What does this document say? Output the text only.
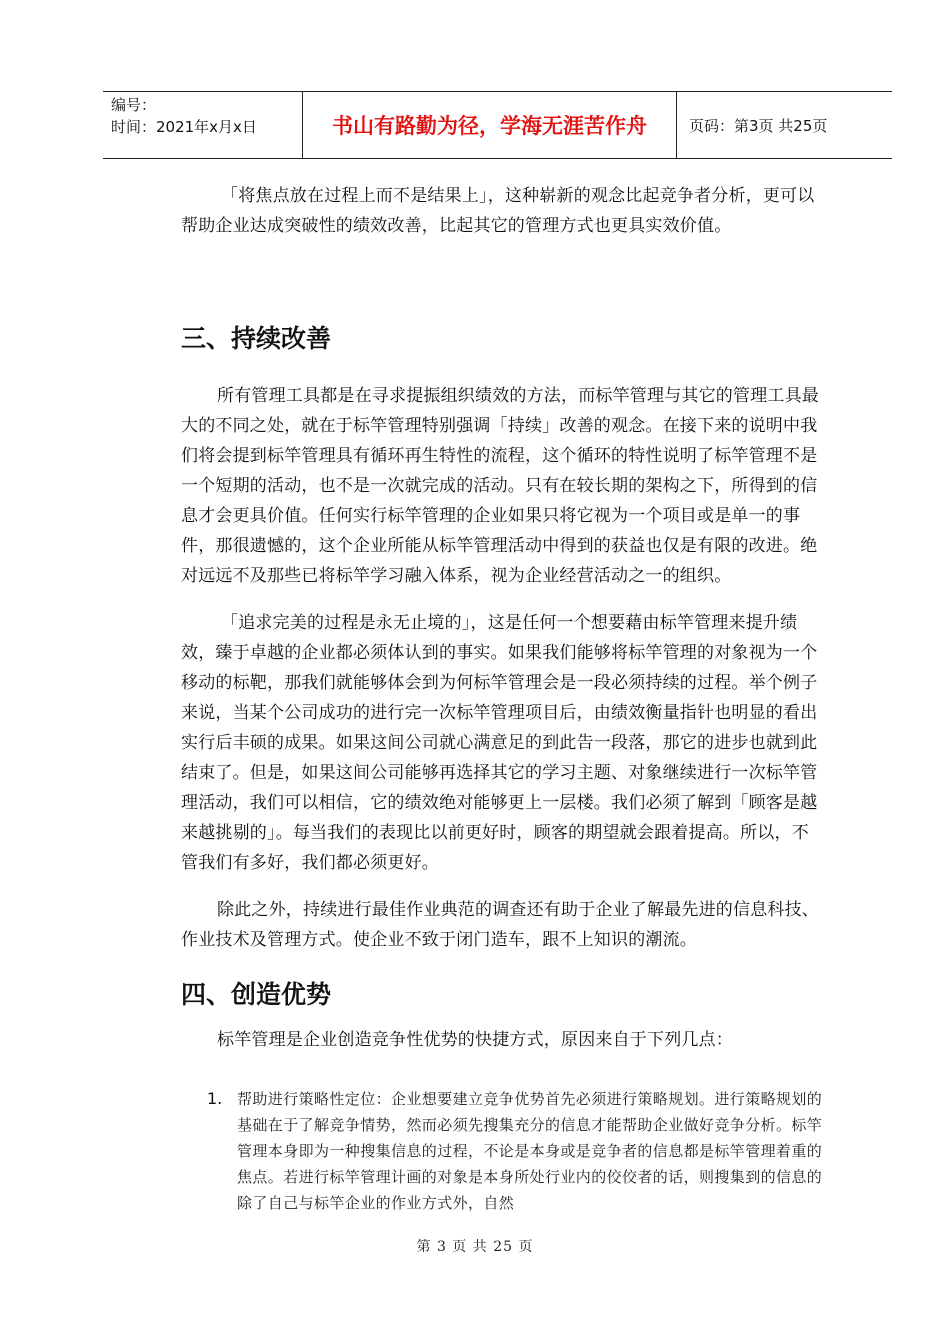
编号：
时间：2021年x月x日	书山有路勤为径，学海无涯苦作舟	页码：第3页 共25页

「将焦点放在过程上而不是结果上」，这种崭新的观念比起竞争者分析，更可以帮助企业达成突破性的绩效改善，比起其它的管理方式也更具实效价值。

三、持续改善

所有管理工具都是在寻求提振组织绩效的方法，而标竿管理与其它的管理工具最大的不同之处，就在于标竿管理特别强调「持续」改善的观念。在接下来的说明中我们将会提到标竿管理具有循环再生特性的流程，这个循环的特性说明了标竿管理不是一个短期的活动，也不是一次就完成的活动。只有在较长期的架构之下，所得到的信息才会更具价值。任何实行标竿管理的企业如果只将它视为一个项目或是单一的事件，那很遗憾的，这个企业所能从标竿管理活动中得到的获益也仅是有限的改进。绝对远远不及那些已将标竿学习融入体系，视为企业经营活动之一的组织。

「追求完美的过程是永无止境的」，这是任何一个想要藉由标竿管理来提升绩效，臻于卓越的企业都必须体认到的事实。如果我们能够将标竿管理的对象视为一个移动的标靶，那我们就能够体会到为何标竿管理会是一段必须持续的过程。举个例子来说，当某个公司成功的进行完一次标竿管理项目后，由绩效衡量指针也明显的看出实行后丰硕的成果。如果这间公司就心满意足的到此告一段落，那它的进步也就到此结束了。但是，如果这间公司能够再选择其它的学习主题、对象继续进行一次标竿管理活动，我们可以相信，它的绩效绝对能够更上一层楼。我们必须了解到「顾客是越来越挑剔的」。每当我们的表现比以前更好时，顾客的期望就会跟着提高。所以，不管我们有多好，我们都必须更好。

除此之外，持续进行最佳作业典范的调查还有助于企业了解最先进的信息科技、作业技术及管理方式。使企业不致于闭门造车，跟不上知识的潮流。

四、创造优势

标竿管理是企业创造竞争性优势的快捷方式，原因来自于下列几点：

1. 帮助进行策略性定位：企业想要建立竞争优势首先必须进行策略规划。进行策略规划的基础在于了解竞争情势，然而必须先搜集充分的信息才能帮助企业做好竞争分析。标竿管理本身即为一种搜集信息的过程，不论是本身或是竞争者的信息都是标竿管理着重的焦点。若进行标竿管理计画的对象是本身所处行业内的佼佼者的话，则搜集到的信息的除了自己与标竿企业的作业方式外，自然
第 3 页 共 25 页
